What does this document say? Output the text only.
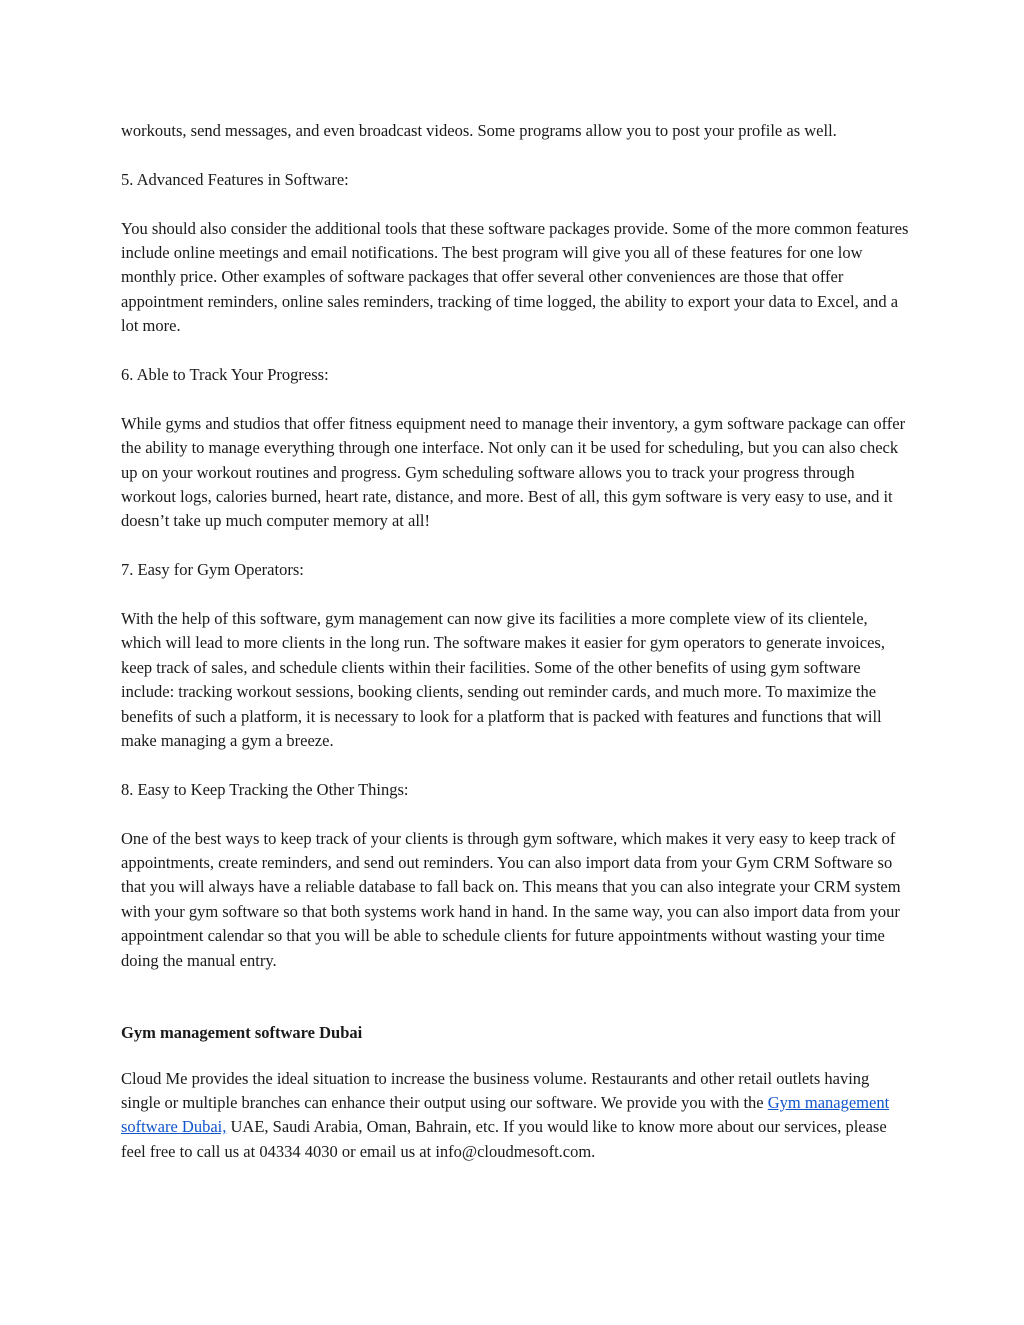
workouts, send messages, and even broadcast videos. Some programs allow you to post your profile as well.

5. Advanced Features in Software:

You should also consider the additional tools that these software packages provide. Some of the more common features include online meetings and email notifications. The best program will give you all of these features for one low monthly price. Other examples of software packages that offer several other conveniences are those that offer appointment reminders, online sales reminders, tracking of time logged, the ability to export your data to Excel, and a lot more.

6. Able to Track Your Progress:

While gyms and studios that offer fitness equipment need to manage their inventory, a gym software package can offer the ability to manage everything through one interface. Not only can it be used for scheduling, but you can also check up on your workout routines and progress. Gym scheduling software allows you to track your progress through workout logs, calories burned, heart rate, distance, and more. Best of all, this gym software is very easy to use, and it doesn’t take up much computer memory at all!

7. Easy for Gym Operators:

With the help of this software, gym management can now give its facilities a more complete view of its clientele, which will lead to more clients in the long run. The software makes it easier for gym operators to generate invoices, keep track of sales, and schedule clients within their facilities. Some of the other benefits of using gym software include: tracking workout sessions, booking clients, sending out reminder cards, and much more. To maximize the benefits of such a platform, it is necessary to look for a platform that is packed with features and functions that will make managing a gym a breeze.

8. Easy to Keep Tracking the Other Things:

One of the best ways to keep track of your clients is through gym software, which makes it very easy to keep track of appointments, create reminders, and send out reminders. You can also import data from your Gym CRM Software so that you will always have a reliable database to fall back on. This means that you can also integrate your CRM system with your gym software so that both systems work hand in hand. In the same way, you can also import data from your appointment calendar so that you will be able to schedule clients for future appointments without wasting your time doing the manual entry.

Gym management software Dubai

Cloud Me provides the ideal situation to increase the business volume. Restaurants and other retail outlets having single or multiple branches can enhance their output using our software. We provide you with the Gym management software Dubai, UAE, Saudi Arabia, Oman, Bahrain, etc. If you would like to know more about our services, please feel free to call us at 04334 4030 or email us at info@cloudmesoft.com.
